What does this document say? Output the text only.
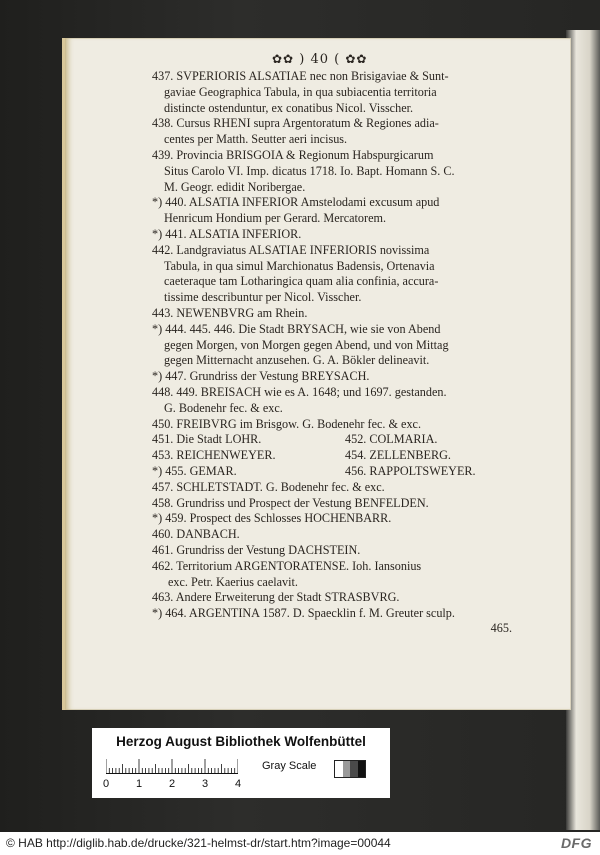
✿✿ ) 40 ( ✿✿
437. SVPERIORIS ALSATIAE nec non Brisigaviae & Sunt-
gaviae Geographica Tabula, in qua subiacentia territoria
distincte ostenduntur, ex conatibus Nicol. Visscher.
438. Cursus RHENI supra Argentoratum & Regiones adia-
centes per Matth. Seutter aeri incisus.
439. Provincia BRISGOIA & Regionum Habspurgicarum
Situs Carolo VI. Imp. dicatus 1718. Io. Bapt. Homann S. C.
M. Geogr. edidit Noribergae.
*) 440. ALSATIA INFERIOR Amstelodami excusum apud
Henricum Hondium per Gerard. Mercatorem.
*) 441. ALSATIA INFERIOR.
442. Landgraviatus ALSATIAE INFERIORIS novissima
Tabula, in qua simul Marchionatus Badensis, Ortenavia
caeteraque tam Lotharingica quam alia confinia, accura-
tissime describuntur per Nicol. Visscher.
443. NEWENBVRG am Rhein.
*) 444. 445. 446. Die Stadt BRYSACH, wie sie von Abend
gegen Morgen, von Morgen gegen Abend, und von Mittag
gegen Mitternacht anzusehen. G. A. Bökler delineavit.
*) 447. Grundriss der Vestung BREYSACH.
448. 449. BREISACH wie es A. 1648; und 1697. gestanden.
G. Bodenehr fec. & exc.
450. FREIBVRG im Brisgow. G. Bodenehr fec. & exc.
451. Die Stadt LOHR.	452. COLMARIA.
453. REICHENWEYER.	454. ZELLENBERG.
*) 455. GEMAR.	456. RAPPOLTSWEYER.
457. SCHLETSTADT. G. Bodenehr fec. & exc.
458. Grundriss und Prospect der Vestung BENFELDEN.
*) 459. Prospect des Schlosses HOCHENBARR.
460. DANBACH.
461. Grundriss der Vestung DACHSTEIN.
462. Territorium ARGENTORATENSE. Ioh. Iansonius
exc. Petr. Kaerius caelavit.
463. Andere Erweiterung der Stadt STRASBVRG.
*) 464. ARGENTINA 1587. D. Spaecklin f. M. Greuter sculp.
465.
Herzog August Bibliothek Wolfenbüttel
0 1 2 3 4
Gray Scale
© HAB http://diglib.hab.de/drucke/321-helmst-dr/start.htm?image=00044	DFG
